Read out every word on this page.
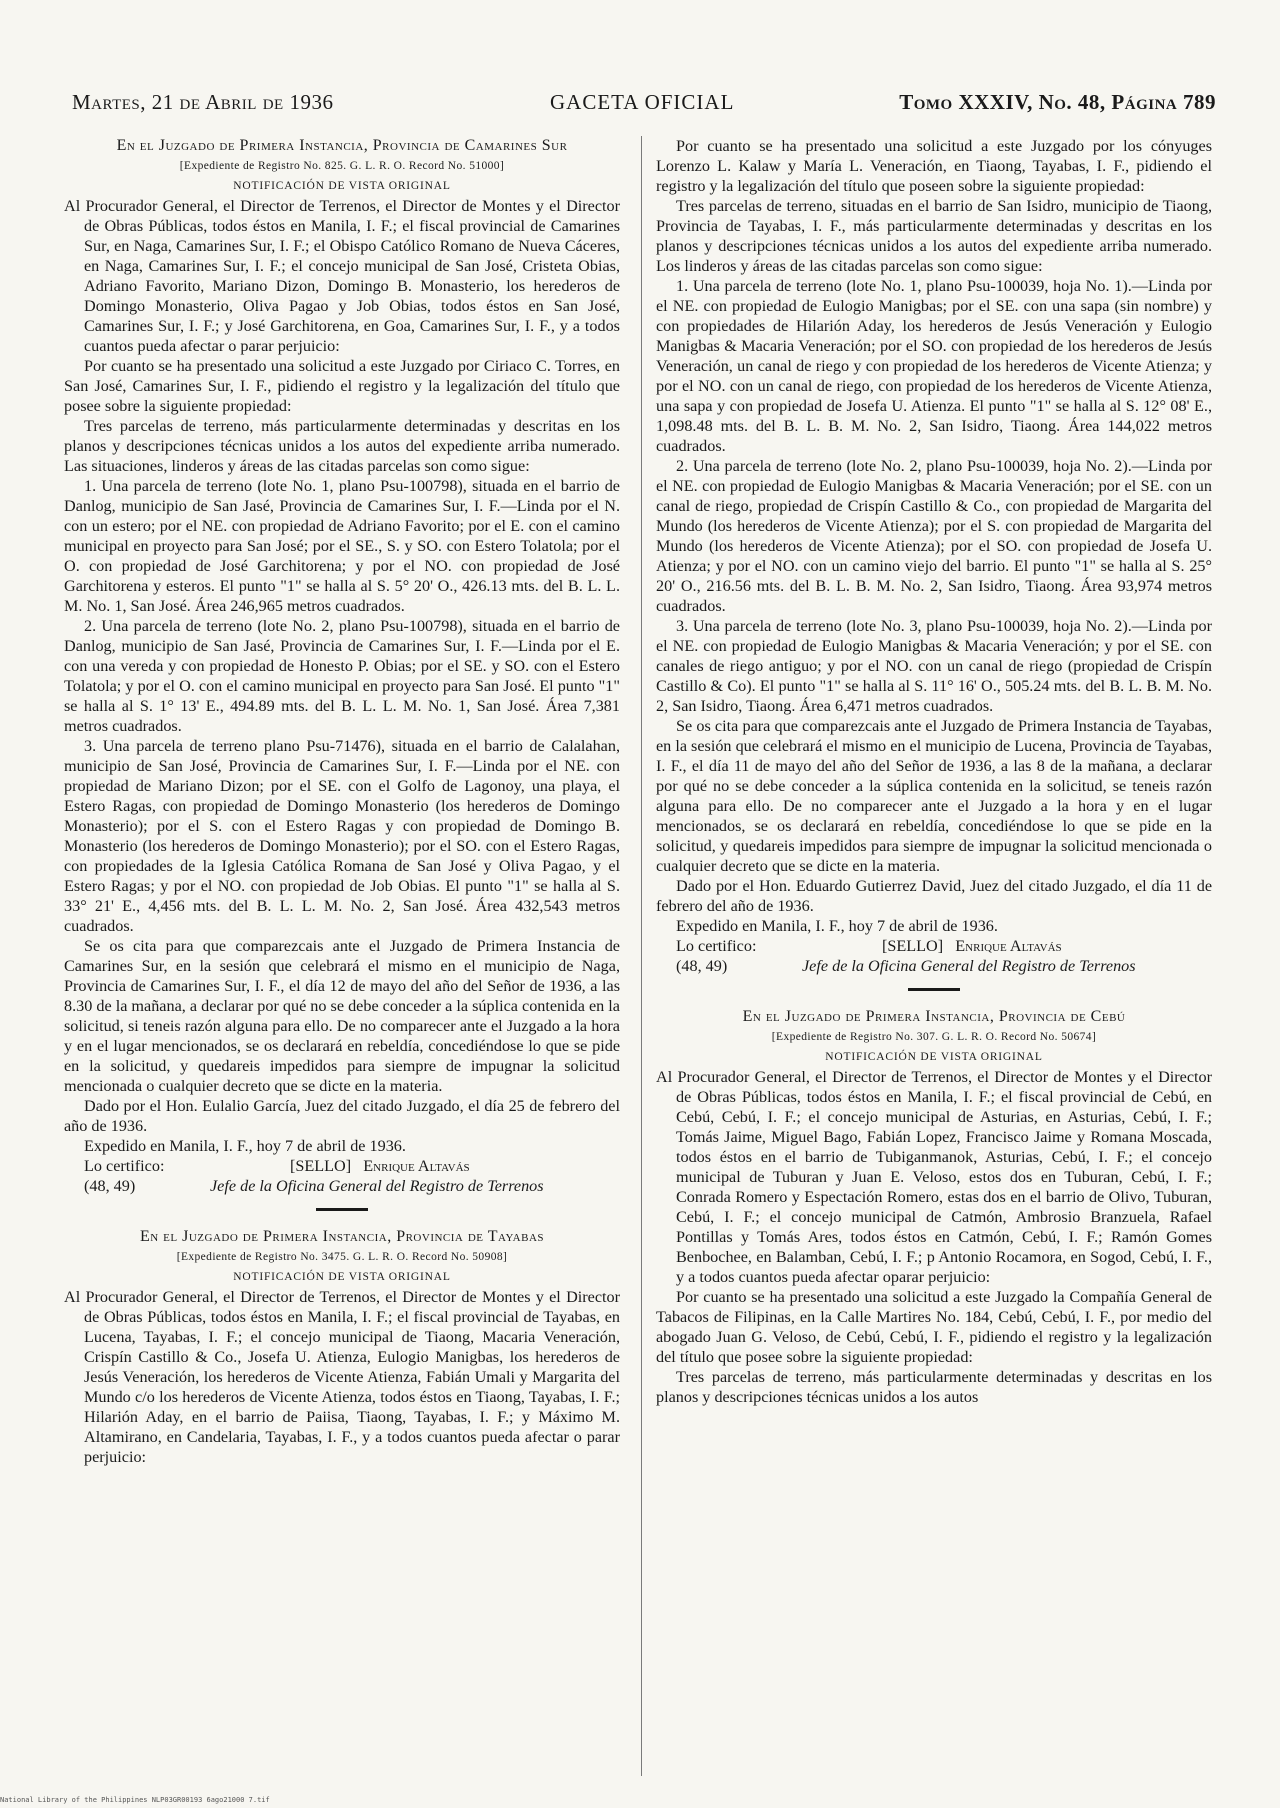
Martes, 21 de Abril de 1936	GACETA OFICIAL	Tomo XXXIV, No. 48, Página 789

En el Juzgado de Primera Instancia, Provincia de Camarines Sur

[Expediente de Registro No. 825. G. L. R. O. Record No. 51000]

NOTIFICACIÓN DE VISTA ORIGINAL

Al Procurador General, el Director de Terrenos, el Director de Montes y el Director de Obras Públicas, todos éstos en Manila, I. F.; el fiscal provincial de Camarines Sur, en Naga, Camarines Sur, I. F.; el Obispo Católico Romano de Nueva Cáceres, en Naga, Camarines Sur, I. F.; el concejo municipal de San José, Cristeta Obias, Adriano Favorito, Mariano Dizon, Domingo B. Monasterio, los herederos de Domingo Monasterio, Oliva Pagao y Job Obias, todos éstos en San José, Camarines Sur, I. F.; y José Garchitorena, en Goa, Camarines Sur, I. F., y a todos cuantos pueda afectar o parar perjuicio:

Por cuanto se ha presentado una solicitud a este Juzgado por Ciriaco C. Torres, en San José, Camarines Sur, I. F., pidiendo el registro y la legalización del título que posee sobre la siguiente propiedad:

Tres parcelas de terreno, más particularmente determinadas y descritas en los planos y descripciones técnicas unidos a los autos del expediente arriba numerado. Las situaciones, linderos y áreas de las citadas parcelas son como sigue:

1. Una parcela de terreno (lote No. 1, plano Psu-100798), situada en el barrio de Danlog, municipio de San Jasé, Provincia de Camarines Sur, I. F.—Linda por el N. con un estero; por el NE. con propiedad de Adriano Favorito; por el E. con el camino municipal en proyecto para San José; por el SE., S. y SO. con Estero Tolatola; por el O. con propiedad de José Garchitorena; y por el NO. con propiedad de José Garchitorena y esteros. El punto "1" se halla al S. 5° 20' O., 426.13 mts. del B. L. L. M. No. 1, San José. Área 246,965 metros cuadrados.

2. Una parcela de terreno (lote No. 2, plano Psu-100798), situada en el barrio de Danlog, municipio de San Jasé, Provincia de Camarines Sur, I. F.—Linda por el E. con una vereda y con propiedad de Honesto P. Obias; por el SE. y SO. con el Estero Tolatola; y por el O. con el camino municipal en proyecto para San José. El punto "1" se halla al S. 1° 13' E., 494.89 mts. del B. L. L. M. No. 1, San José. Área 7,381 metros cuadrados.

3. Una parcela de terreno plano Psu-71476), situada en el barrio de Calalahan, municipio de San José, Provincia de Camarines Sur, I. F.—Linda por el NE. con propiedad de Mariano Dizon; por el SE. con el Golfo de Lagonoy, una playa, el Estero Ragas, con propiedad de Domingo Monasterio (los herederos de Domingo Monasterio); por el S. con el Estero Ragas y con propiedad de Domingo B. Monasterio (los herederos de Domingo Monasterio); por el SO. con el Estero Ragas, con propiedades de la Iglesia Católica Romana de San José y Oliva Pagao, y el Estero Ragas; y por el NO. con propiedad de Job Obias. El punto "1" se halla al S. 33° 21' E., 4,456 mts. del B. L. L. M. No. 2, San José. Área 432,543 metros cuadrados.

Se os cita para que comparezcais ante el Juzgado de Primera Instancia de Camarines Sur, en la sesión que celebrará el mismo en el municipio de Naga, Provincia de Camarines Sur, I. F., el día 12 de mayo del año del Señor de 1936, a las 8.30 de la mañana, a declarar por qué no se debe conceder a la súplica contenida en la solicitud, si teneis razón alguna para ello. De no comparecer ante el Juzgado a la hora y en el lugar mencionados, se os declarará en rebeldía, concediéndose lo que se pide en la solicitud, y quedareis impedidos para siempre de impugnar la solicitud mencionada o cualquier decreto que se dicte en la materia.

Dado por el Hon. Eulalio García, Juez del citado Juzgado, el día 25 de febrero del año de 1936.

Expedido en Manila, I. F., hoy 7 de abril de 1936.

Lo certifico:	[SELLO] Enrique Altavás
(48, 49)	Jefe de la Oficina General del Registro de Terrenos

En el Juzgado de Primera Instancia, Provincia de Tayabas

[Expediente de Registro No. 3475. G. L. R. O. Record No. 50908]

NOTIFICACIÓN DE VISTA ORIGINAL

Al Procurador General, el Director de Terrenos, el Director de Montes y el Director de Obras Públicas, todos éstos en Manila, I. F.; el fiscal provincial de Tayabas, en Lucena, Tayabas, I. F.; el concejo municipal de Tiaong, Macaria Veneración, Crispín Castillo & Co., Josefa U. Atienza, Eulogio Manigbas, los herederos de Jesús Veneración, los herederos de Vicente Atienza, Fabián Umali y Margarita del Mundo c/o los herederos de Vicente Atienza, todos éstos en Tiaong, Tayabas, I. F.; Hilarión Aday, en el barrio de Paiisa, Tiaong, Tayabas, I. F.; y Máximo M. Altamirano, en Candelaria, Tayabas, I. F., y a todos cuantos pueda afectar o parar perjuicio:

Por cuanto se ha presentado una solicitud a este Juzgado por los cónyuges Lorenzo L. Kalaw y María L. Veneración, en Tiaong, Tayabas, I. F., pidiendo el registro y la legalización del título que poseen sobre la siguiente propiedad:

Tres parcelas de terreno, situadas en el barrio de San Isidro, municipio de Tiaong, Provincia de Tayabas, I. F., más particularmente determinadas y descritas en los planos y descripciones técnicas unidos a los autos del expediente arriba numerado. Los linderos y áreas de las citadas parcelas son como sigue:

1. Una parcela de terreno (lote No. 1, plano Psu-100039, hoja No. 1).—Linda por el NE. con propiedad de Eulogio Manigbas; por el SE. con una sapa (sin nombre) y con propiedades de Hilarión Aday, los herederos de Jesús Veneración y Eulogio Manigbas & Macaria Veneración; por el SO. con propiedad de los herederos de Jesús Veneración, un canal de riego y con propiedad de los herederos de Vicente Atienza; y por el NO. con un canal de riego, con propiedad de los herederos de Vicente Atienza, una sapa y con propiedad de Josefa U. Atienza. El punto "1" se halla al S. 12° 08' E., 1,098.48 mts. del B. L. B. M. No. 2, San Isidro, Tiaong. Área 144,022 metros cuadrados.

2. Una parcela de terreno (lote No. 2, plano Psu-100039, hoja No. 2).—Linda por el NE. con propiedad de Eulogio Manigbas & Macaria Veneración; por el SE. con un canal de riego, propiedad de Crispín Castillo & Co., con propiedad de Margarita del Mundo (los herederos de Vicente Atienza); por el S. con propiedad de Margarita del Mundo (los herederos de Vicente Atienza); por el SO. con propiedad de Josefa U. Atienza; y por el NO. con un camino viejo del barrio. El punto "1" se halla al S. 25° 20' O., 216.56 mts. del B. L. B. M. No. 2, San Isidro, Tiaong. Área 93,974 metros cuadrados.

3. Una parcela de terreno (lote No. 3, plano Psu-100039, hoja No. 2).—Linda por el NE. con propiedad de Eulogio Manigbas & Macaria Veneración; y por el SE. con canales de riego antiguo; y por el NO. con un canal de riego (propiedad de Crispín Castillo & Co). El punto "1" se halla al S. 11° 16' O., 505.24 mts. del B. L. B. M. No. 2, San Isidro, Tiaong. Área 6,471 metros cuadrados.

Se os cita para que comparezcais ante el Juzgado de Primera Instancia de Tayabas, en la sesión que celebrará el mismo en el municipio de Lucena, Provincia de Tayabas, I. F., el día 11 de mayo del año del Señor de 1936, a las 8 de la mañana, a declarar por qué no se debe conceder a la súplica contenida en la solicitud, se teneis razón alguna para ello. De no comparecer ante el Juzgado a la hora y en el lugar mencionados, se os declarará en rebeldía, concediéndose lo que se pide en la solicitud, y quedareis impedidos para siempre de impugnar la solicitud mencionada o cualquier decreto que se dicte en la materia.

Dado por el Hon. Eduardo Gutierrez David, Juez del citado Juzgado, el día 11 de febrero del año de 1936.

Expedido en Manila, I. F., hoy 7 de abril de 1936.

Lo certifico:	[SELLO] Enrique Altavás
(48, 49)	Jefe de la Oficina General del Registro de Terrenos

En el Juzgado de Primera Instancia, Provincia de Cebú

[Expediente de Registro No. 307. G. L. R. O. Record No. 50674]

NOTIFICACIÓN DE VISTA ORIGINAL

Al Procurador General, el Director de Terrenos, el Director de Montes y el Director de Obras Públicas, todos éstos en Manila, I. F.; el fiscal provincial de Cebú, en Cebú, Cebú, I. F.; el concejo municipal de Asturias, en Asturias, Cebú, I. F.; Tomás Jaime, Miguel Bago, Fabián Lopez, Francisco Jaime y Romana Moscada, todos éstos en el barrio de Tubiganmanok, Asturias, Cebú, I. F.; el concejo municipal de Tuburan y Juan E. Veloso, estos dos en Tuburan, Cebú, I. F.; Conrada Romero y Espectación Romero, estas dos en el barrio de Olivo, Tuburan, Cebú, I. F.; el concejo municipal de Catmón, Ambrosio Branzuela, Rafael Pontillas y Tomás Ares, todos éstos en Catmón, Cebú, I. F.; Ramón Gomes Benbochee, en Balamban, Cebú, I. F.; p Antonio Rocamora, en Sogod, Cebú, I. F., y a todos cuantos pueda afectar oparar perjuicio:

Por cuanto se ha presentado una solicitud a este Juzgado la Compañía General de Tabacos de Filipinas, en la Calle Martires No. 184, Cebú, Cebú, I. F., por medio del abogado Juan G. Veloso, de Cebú, Cebú, I. F., pidiendo el registro y la legalización del título que posee sobre la siguiente propiedad:

Tres parcelas de terreno, más particularmente determinadas y descritas en los planos y descripciones técnicas unidos a los autos

National Library of the Philippines NLP03GR00193 6ago21000 7.tif
